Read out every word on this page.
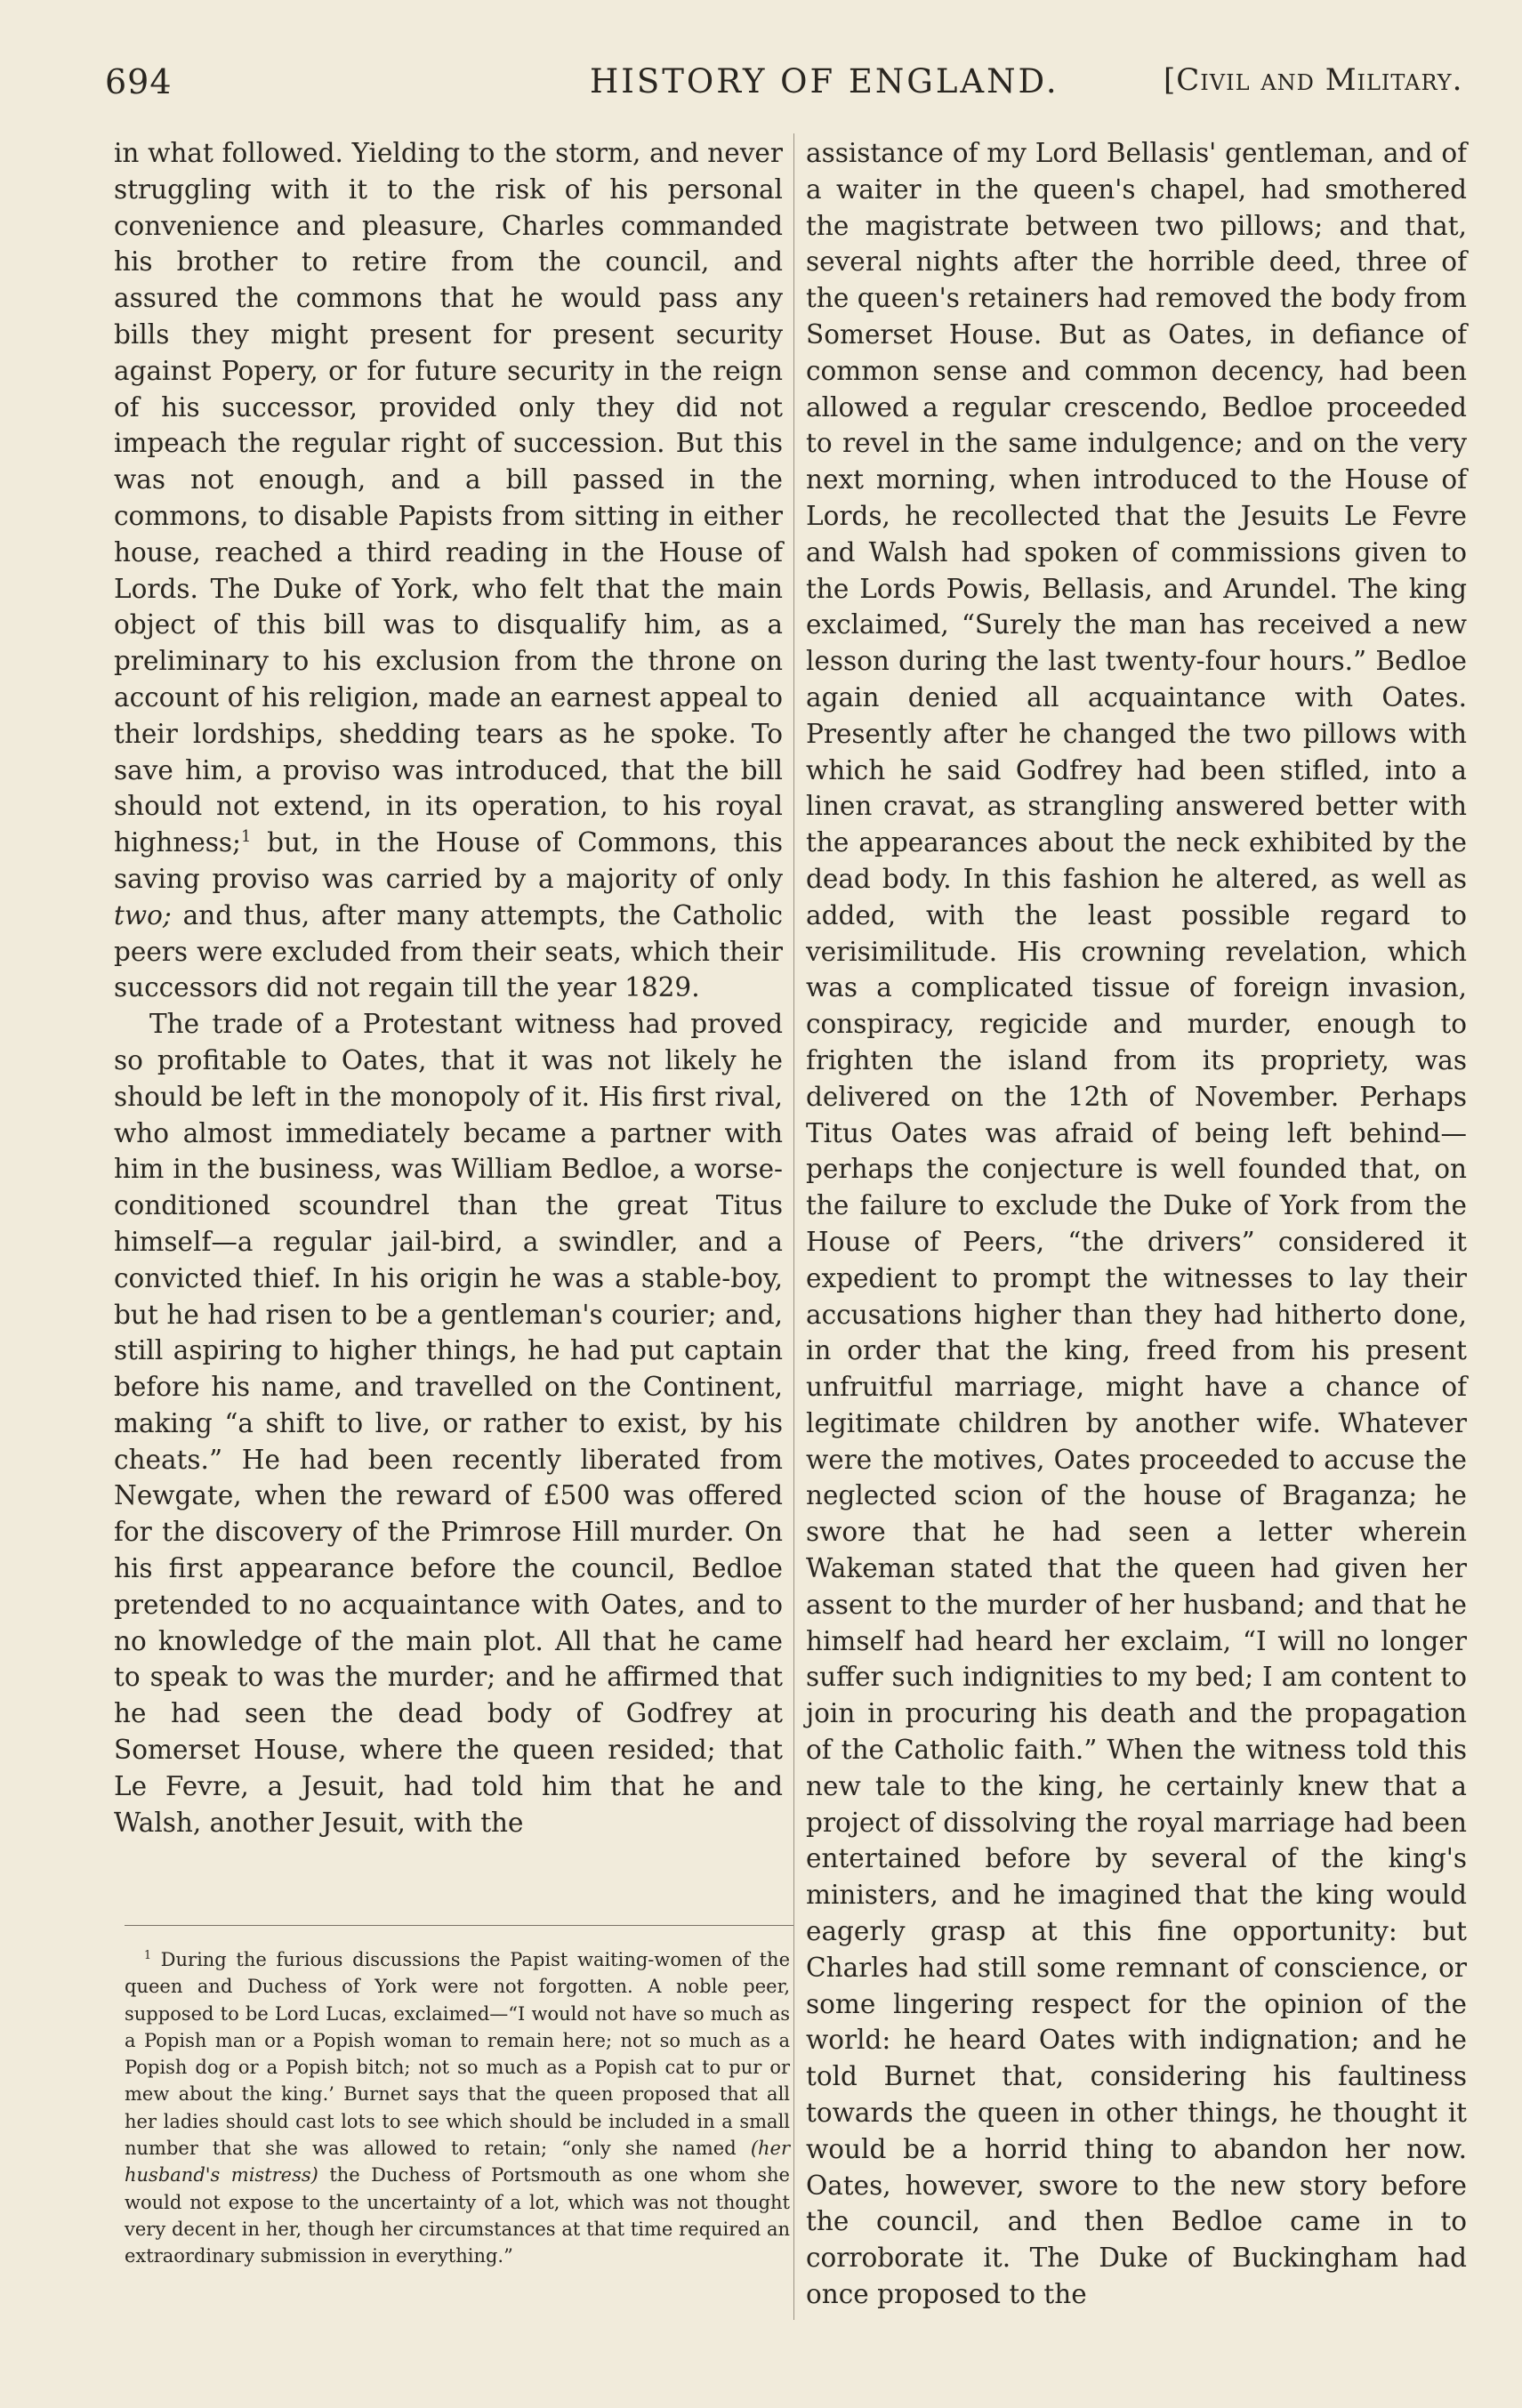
694	HISTORY OF ENGLAND.	[Civil and Military.

in what followed. Yielding to the storm, and never struggling with it to the risk of his personal convenience and pleasure, Charles commanded his brother to retire from the council, and assured the commons that he would pass any bills they might present for present security against Popery, or for future security in the reign of his successor, provided only they did not impeach the regular right of succession. But this was not enough, and a bill passed in the commons, to disable Papists from sitting in either house, reached a third reading in the House of Lords. The Duke of York, who felt that the main object of this bill was to disqualify him, as a preliminary to his exclusion from the throne on account of his religion, made an earnest appeal to their lordships, shedding tears as he spoke. To save him, a proviso was introduced, that the bill should not extend, in its operation, to his royal highness;$^1$ but, in the House of Commons, this saving proviso was carried by a majority of only two; and thus, after many attempts, the Catholic peers were excluded from their seats, which their successors did not regain till the year 1829.

The trade of a Protestant witness had proved so profitable to Oates, that it was not likely he should be left in the monopoly of it. His first rival, who almost immediately became a partner with him in the business, was William Bedloe, a worse-conditioned scoundrel than the great Titus himself—a regular jail-bird, a swindler, and a convicted thief. In his origin he was a stable-boy, but he had risen to be a gentleman's courier; and, still aspiring to higher things, he had put captain before his name, and travelled on the Continent, making “a shift to live, or rather to exist, by his cheats.” He had been recently liberated from Newgate, when the reward of £500 was offered for the discovery of the Primrose Hill murder. On his first appearance before the council, Bedloe pretended to no acquaintance with Oates, and to no knowledge of the main plot. All that he came to speak to was the murder; and he affirmed that he had seen the dead body of Godfrey at Somerset House, where the queen resided; that Le Fevre, a Jesuit, had told him that he and Walsh, another Jesuit, with the

assistance of my Lord Bellasis' gentleman, and of a waiter in the queen's chapel, had smothered the magistrate between two pillows; and that, several nights after the horrible deed, three of the queen's retainers had removed the body from Somerset House. But as Oates, in defiance of common sense and common decency, had been allowed a regular crescendo, Bedloe proceeded to revel in the same indulgence; and on the very next morning, when introduced to the House of Lords, he recollected that the Jesuits Le Fevre and Walsh had spoken of commissions given to the Lords Powis, Bellasis, and Arundel. The king exclaimed, “Surely the man has received a new lesson during the last twenty-four hours.” Bedloe again denied all acquaintance with Oates. Presently after he changed the two pillows with which he said Godfrey had been stifled, into a linen cravat, as strangling answered better with the appearances about the neck exhibited by the dead body. In this fashion he altered, as well as added, with the least possible regard to verisimilitude. His crowning revelation, which was a complicated tissue of foreign invasion, conspiracy, regicide and murder, enough to frighten the island from its propriety, was delivered on the 12th of November. Perhaps Titus Oates was afraid of being left behind—perhaps the conjecture is well founded that, on the failure to exclude the Duke of York from the House of Peers, “the drivers” considered it expedient to prompt the witnesses to lay their accusations higher than they had hitherto done, in order that the king, freed from his present unfruitful marriage, might have a chance of legitimate children by another wife. Whatever were the motives, Oates proceeded to accuse the neglected scion of the house of Braganza; he swore that he had seen a letter wherein Wakeman stated that the queen had given her assent to the murder of her husband; and that he himself had heard her exclaim, “I will no longer suffer such indignities to my bed; I am content to join in procuring his death and the propagation of the Catholic faith.” When the witness told this new tale to the king, he certainly knew that a project of dissolving the royal marriage had been entertained before by several of the king's ministers, and he imagined that the king would eagerly grasp at this fine opportunity: but Charles had still some remnant of conscience, or some lingering respect for the opinion of the world: he heard Oates with indignation; and he told Burnet that, considering his faultiness towards the queen in other things, he thought it would be a horrid thing to abandon her now. Oates, however, swore to the new story before the council, and then Bedloe came in to corroborate it. The Duke of Buckingham had once proposed to the

$^1$ During the furious discussions the Papist waiting-women of the queen and Duchess of York were not forgotten. A noble peer, supposed to be Lord Lucas, exclaimed—“I would not have so much as a Popish man or a Popish woman to remain here; not so much as a Popish dog or a Popish bitch; not so much as a Popish cat to pur or mew about the king.’ Burnet says that the queen proposed that all her ladies should cast lots to see which should be included in a small number that she was allowed to retain; “only she named (her husband's mistress) the Duchess of Portsmouth as one whom she would not expose to the uncertainty of a lot, which was not thought very decent in her, though her circumstances at that time required an extraordinary submission in everything.”
